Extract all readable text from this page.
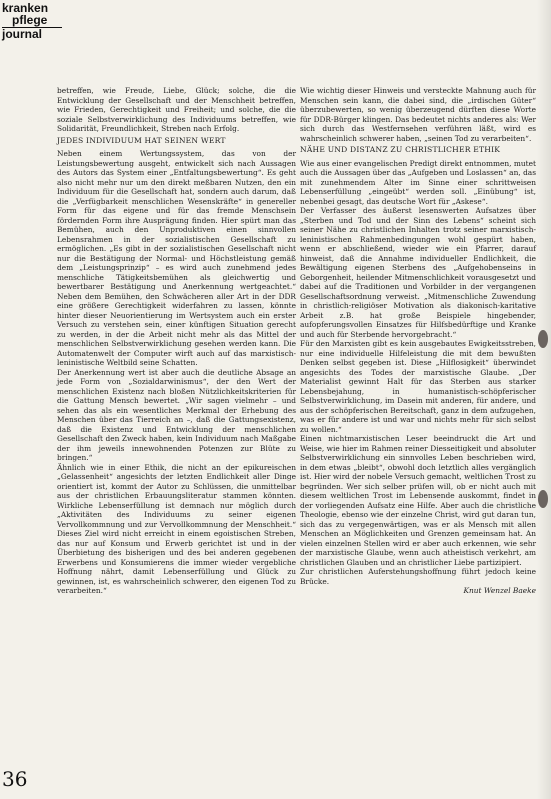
kranken
pflege
journal

betreffen, wie Freude, Liebe, Glück; solche, die die Entwicklung der Gesellschaft und der Menschheit betreffen, wie Frieden, Gerechtigkeit und Freiheit; und solche, die die soziale Selbstverwirklichung des Individuums betreffen, wie Solidarität, Freundlichkeit, Streben nach Erfolg.

JEDES INDIVIDUUM HAT SEINEN WERT

Neben einem Wertungssystem, das von der Leistungsbewertung ausgeht, entwickelt sich nach Aussagen des Autors das System einer „Entfaltungsbewertung“. Es geht also nicht mehr nur um den direkt meßbaren Nutzen, den ein Individuum für die Gesellschaft hat, sondern auch darum, daß die „Verfügbarkeit menschlichen Wesenskräfte“ in genereller Form für das eigene und für das fremde Menschsein fördernden Form ihre Ausprägung finden. Hier spürt man das Bemühen, auch den Unproduktiven einen sinnvollen Lebensrahmen in der sozialistischen Gesellschaft zu ermöglichen. „Es gibt in der sozialistischen Gesellschaft nicht nur die Bestätigung der Normal- und Höchstleistung gemäß dem „Leistungsprinzip“ – es wird auch zunehmend jedes menschliche Tätigkeitsbemühen als gleichwertig und bewertbarer Bestätigung und Anerkennung wertgeachtet.“ Neben dem Bemühen, den Schwächeren aller Art in der DDR eine größere Gerechtigkeit widerfahren zu lassen, könnte hinter dieser Neuorientierung im Wertsystem auch ein erster Versuch zu verstehen sein, einer künftigen Situation gerecht zu werden, in der die Arbeit nicht mehr als das Mittel der menschlichen Selbstverwirklichung gesehen werden kann. Die Automatenwelt der Computer wirft auch auf das marxistisch-leninistische Weltbild seine Schatten.

Der Anerkennung wert ist aber auch die deutliche Absage an jede Form von „Sozialdarwinismus“, der den Wert der menschlichen Existenz nach bloßen Nützlichkeitskriterien für die Gattung Mensch bewertet. „Wir sagen vielmehr – und sehen das als ein wesentliches Merkmal der Erhebung des Menschen über das Tierreich an –, daß die Gattungsexistenz, daß die Existenz und Entwicklung der menschlichen Gesellschaft den Zweck haben, kein Individuum nach Maßgabe der ihm jeweils innewohnenden Potenzen zur Blüte zu bringen.“

Ähnlich wie in einer Ethik, die nicht an der epikureischen „Gelassenheit“ angesichts der letzten Endlichkeit aller Dinge orientiert ist, kommt der Autor zu Schlüssen, die unmittelbar aus der christlichen Erbauungsliteratur stammen könnten. Wirkliche Lebenserfüllung ist demnach nur möglich durch „Aktivitäten des Individuums zu seiner eigenen Vervollkommnung und zur Vervollkommnung der Menschheit.“ Dieses Ziel wird nicht erreicht in einem egoistischen Streben, das nur auf Konsum und Erwerb gerichtet ist und in der Überbietung des bisherigen und des bei anderen gegebenen Erwerbens und Konsumierens die immer wieder vergebliche Hoffnung nährt, damit Lebenserfüllung und Glück zu gewinnen, ist, es wahrscheinlich schwerer, den eigenen Tod zu verarbeiten.“

Wie wichtig dieser Hinweis und versteckte Mahnung auch für Menschen sein kann, die dabei sind, die „irdischen Güter“ überzubewerten, so wenig überzeugend dürften diese Worte für DDR-Bürger klingen. Das bedeutet nichts anderes als: Wer sich durch das Westfernsehen verführen läßt, wird es wahrscheinlich schwerer haben, „seinen Tod zu verarbeiten“.

NÄHE UND DISTANZ ZU CHRISTLICHER ETHIK

Wie aus einer evangelischen Predigt direkt entnommen, mutet auch die Aussagen über das „Aufgeben und Loslassen“ an, das mit zunehmendem Alter im Sinne einer schrittweisen Lebenserfüllung „eingeübt“ werden soll. „Einübung“ ist, nebenbei gesagt, das deutsche Wort für „Askese“.

Der Verfasser des äußerst lesenswerten Aufsatzes über „Sterben und Tod und der Sinn des Lebens“ scheint sich seiner Nähe zu christlichen Inhalten trotz seiner marxistisch-leninistischen Rahmenbedingungen wohl gespürt haben, wenn er abschließend, wieder wie ein Pfarrer, darauf hinweist, daß die Annahme individueller Endlichkeit, die Bewältigung eigenen Sterbens des „Aufgehobenseins in Geborgenheit, heilender Mitmenschlichkeit vorausgesetzt und dabei auf die Traditionen und Vorbilder in der vergangenen Gesellschaftsordnung verweist. „Mitmenschliche Zuwendung in christlich-religiöser Motivation als diakonisch-karitative Arbeit z.B. hat große Beispiele hingebender, aufopferungsvollen Einsatzes für Hilfsbedürftige und Kranke und auch für Sterbende hervorgebracht.“

Für den Marxisten gibt es kein ausgebautes Ewigkeitsstreben, nur eine individuelle Hilfeleistung die mit dem bewußten Denken selbst gegeben ist. Diese „Hilflosigkeit“ überwindet angesichts des Todes der marxistische Glaube. „Der Materialist gewinnt Halt für das Sterben aus starker Lebensbejahung, in humanistisch-schöpferischer Selbstverwirklichung, im Dasein mit anderen, für andere, und aus der schöpferischen Bereitschaft, ganz in dem aufzugehen, was er für andere ist und war und nichts mehr für sich selbst zu wollen.“

Einen nichtmarxistischen Leser beeindruckt die Art und Weise, wie hier im Rahmen reiner Diesseitigkeit und absoluter Selbstverwirklichung ein sinnvolles Leben beschrieben wird, in dem etwas „bleibt“, obwohl doch letztlich alles vergänglich ist. Hier wird der nobele Versuch gemacht, weltlichen Trost zu begründen. Wer sich selber prüfen will, ob er nicht auch mit diesem weltlichen Trost im Lebensende auskommt, findet in der vorliegenden Aufsatz eine Hilfe. Aber auch die christliche Theologie, ebenso wie der einzelne Christ, wird gut daran tun, sich das zu vergegenwärtigen, was er als Mensch mit allen Menschen an Möglichkeiten und Grenzen gemeinsam hat. An vielen einzelnen Stellen wird er aber auch erkennen, wie sehr der marxistische Glaube, wenn auch atheistisch verkehrt, am christlichen Glauben und an christlicher Liebe partizipiert.

Zur christlichen Auferstehungshoffnung führt jedoch keine Brücke.

Knut Wenzel Baeke

36
